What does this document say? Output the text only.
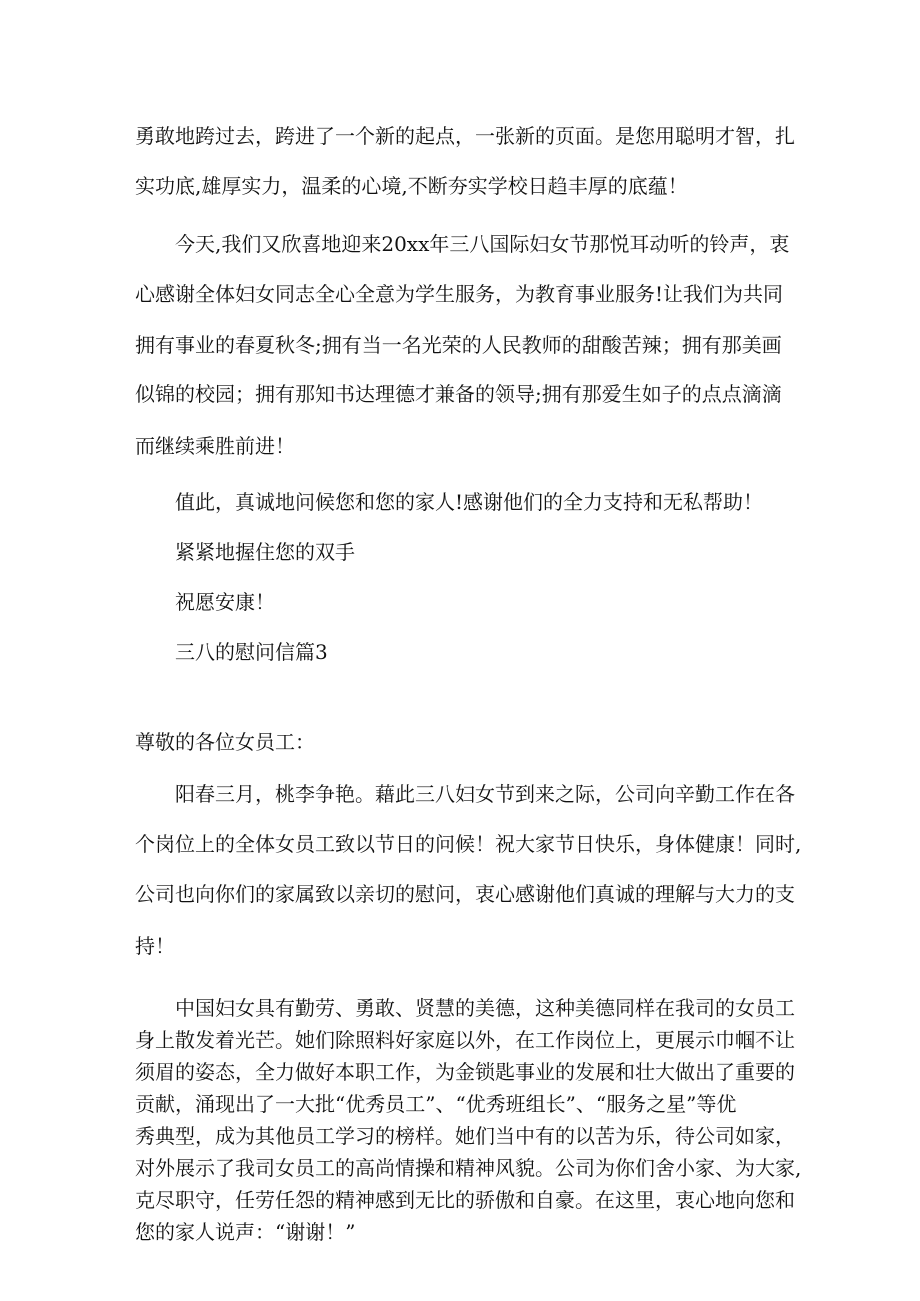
勇敢地跨过去，跨进了一个新的起点，一张新的页面。是您用聪明才智，扎
实功底,雄厚实力，温柔的心境,不断夯实学校日趋丰厚的底蕴！
今天,我们又欣喜地迎来20xx年三八国际妇女节那悦耳动听的铃声，衷
心感谢全体妇女同志全心全意为学生服务，为教育事业服务!让我们为共同
拥有事业的春夏秋冬;拥有当一名光荣的人民教师的甜酸苦辣；拥有那美画
似锦的校园；拥有那知书达理德才兼备的领导;拥有那爱生如子的点点滴滴
而继续乘胜前进！
值此，真诚地问候您和您的家人!感谢他们的全力支持和无私帮助！
紧紧地握住您的双手
祝愿安康！
三八的慰问信篇3
尊敬的各位女员工：
阳春三月，桃李争艳。藉此三八妇女节到来之际，公司向辛勤工作在各
个岗位上的全体女员工致以节日的问候！祝大家节日快乐，身体健康！同时,
公司也向你们的家属致以亲切的慰问，衷心感谢他们真诚的理解与大力的支
持！
中国妇女具有勤劳、勇敢、贤慧的美德，这种美德同样在我司的女员工
身上散发着光芒。她们除照料好家庭以外，在工作岗位上，更展示巾帼不让
须眉的姿态，全力做好本职工作，为金锁匙事业的发展和壮大做出了重要的
贡献，涌现出了一大批“优秀员工”、“优秀班组长”、“服务之星”等优
秀典型，成为其他员工学习的榜样。她们当中有的以苦为乐，待公司如家，
对外展示了我司女员工的高尚情操和精神风貌。公司为你们舍小家、为大家,
克尽职守，任劳任怨的精神感到无比的骄傲和自豪。在这里，衷心地向您和
您的家人说声：“谢谢！”
